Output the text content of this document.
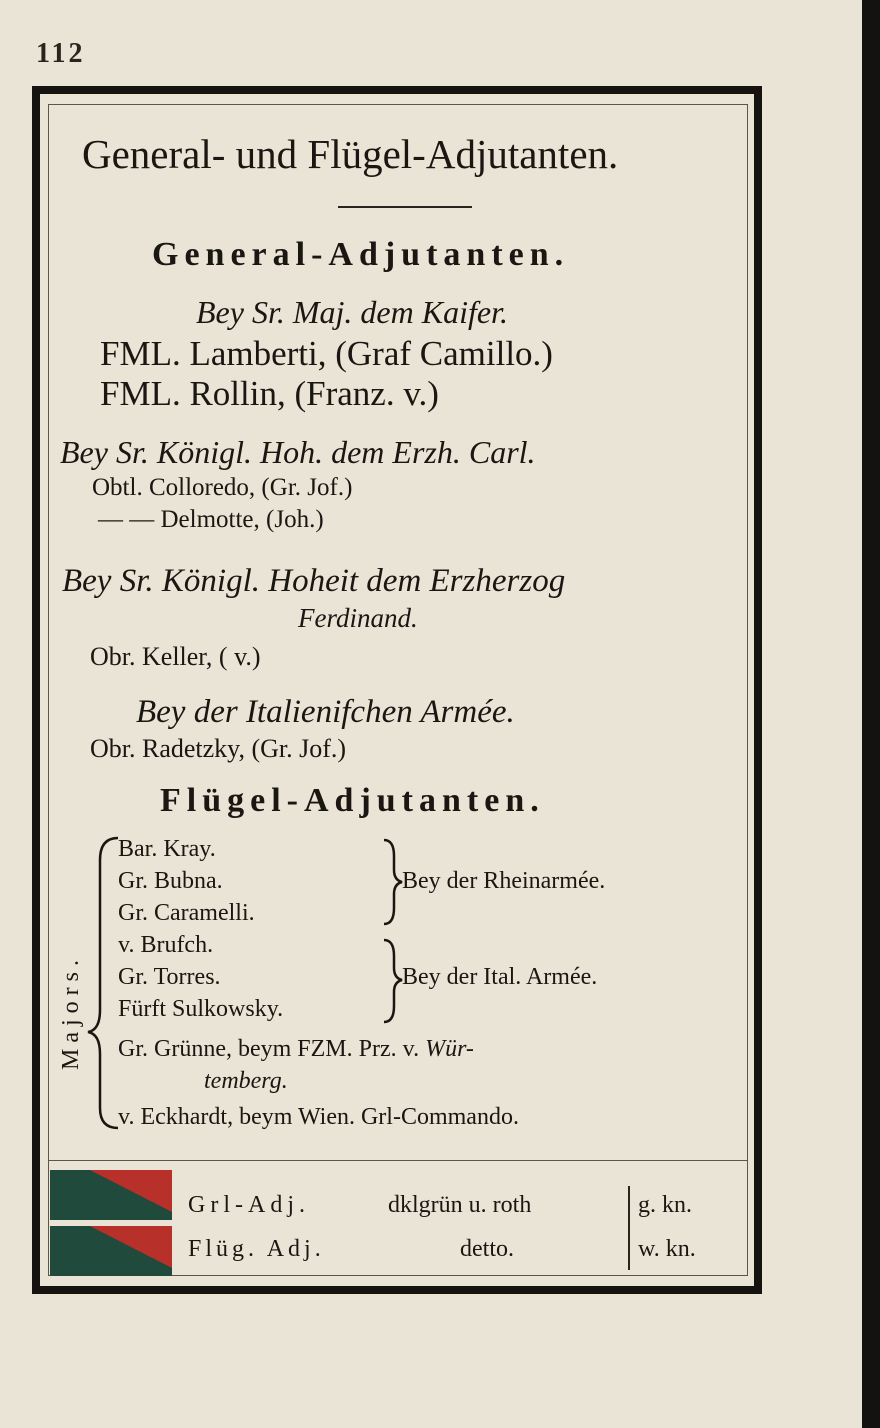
112
General- und Flügel-Adjutanten.
General-Adjutanten.
Bey Sr. Maj. dem Kaifer.
FML. Lamberti, (Graf Camillo.)
FML. Rollin, (Franz. v.)
Bey Sr. Königl. Hoh. dem Erzh. Carl.
Obtl. Colloredo, (Gr. Jof.)
— — Delmotte, (Joh.)
Bey Sr. Königl. Hoheit dem Erzherzog
Ferdinand.
Obr. Keller, ( v.)
Bey der Italienifchen Armée.
Obr. Radetzky, (Gr. Jof.)
Flügel-Adjutanten.
Majors.
Bar. Kray.
Gr. Bubna.
Gr. Caramelli.
v. Brufch.
Gr. Torres.
Fürft Sulkowsky.
Gr. Grünne, beym FZM. Prz. v. Wür-
temberg.
v. Eckhardt, beym Wien. Grl-Commando.
Bey der Rheinarmée.
Bey der Ital. Armée.
Grl-Adj.	dklgrün u. roth	g. kn.
Flüg. Adj.	detto.	w. kn.
